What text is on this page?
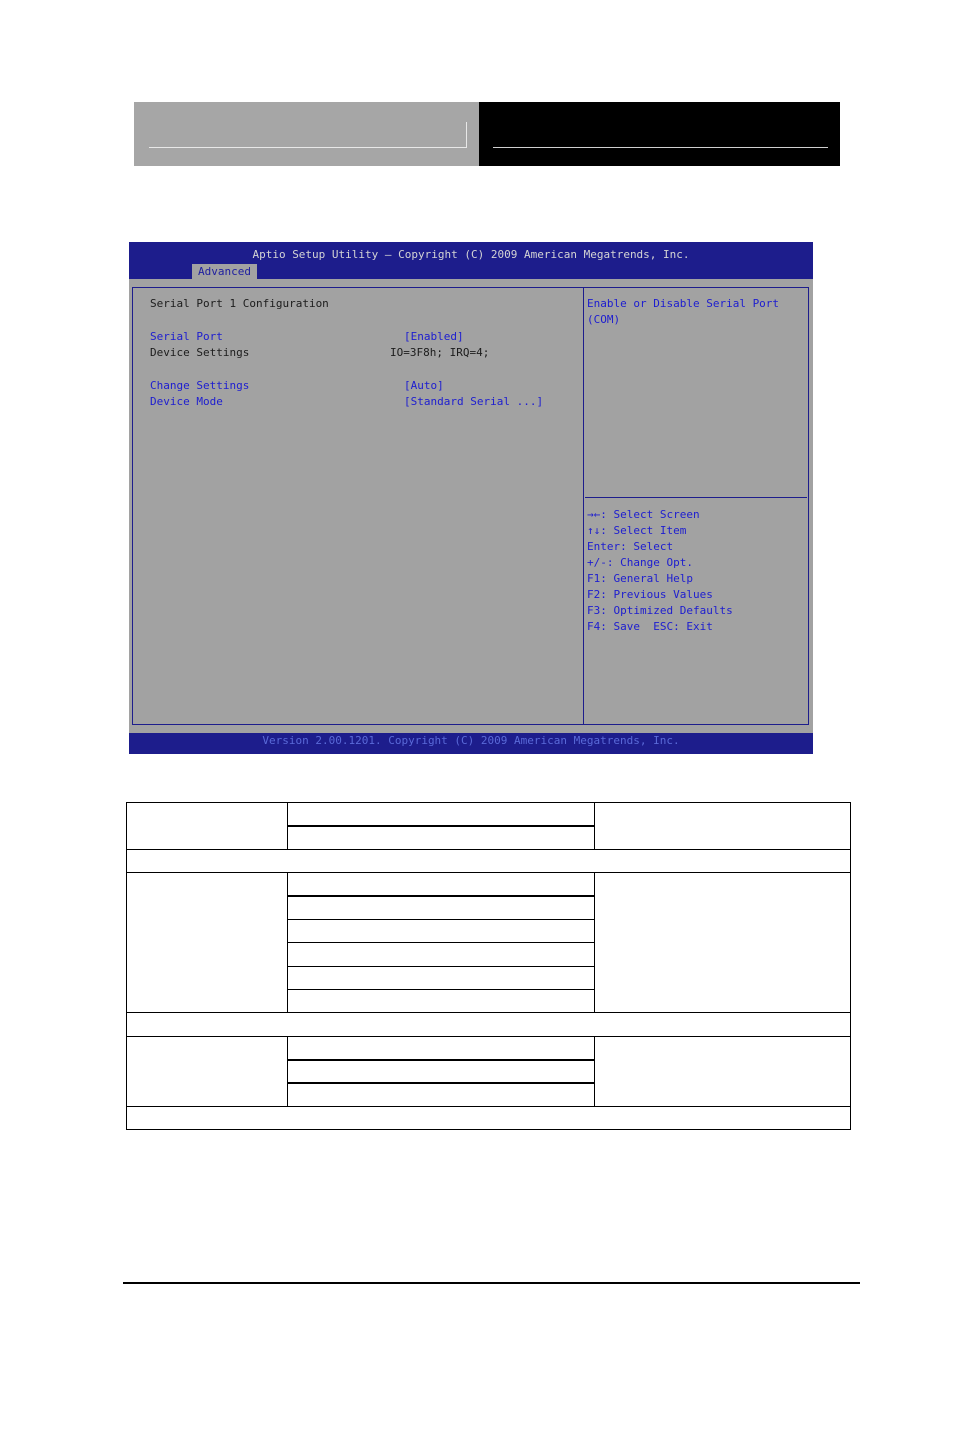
Aptio Setup Utility – Copyright (C) 2009 American Megatrends, Inc.
Advanced
Serial Port 1 Configuration
Serial Port	[Enabled]
Device Settings	IO=3F8h; IRQ=4;
Change Settings	[Auto]
Device Mode	[Standard Serial ...]
Enable or Disable Serial Port
(COM)
→←: Select Screen
↑↓: Select Item
Enter: Select
+/-: Change Opt.
F1: General Help
F2: Previous Values
F3: Optimized Defaults
F4: Save  ESC: Exit
Version 2.00.1201. Copyright (C) 2009 American Megatrends, Inc.
